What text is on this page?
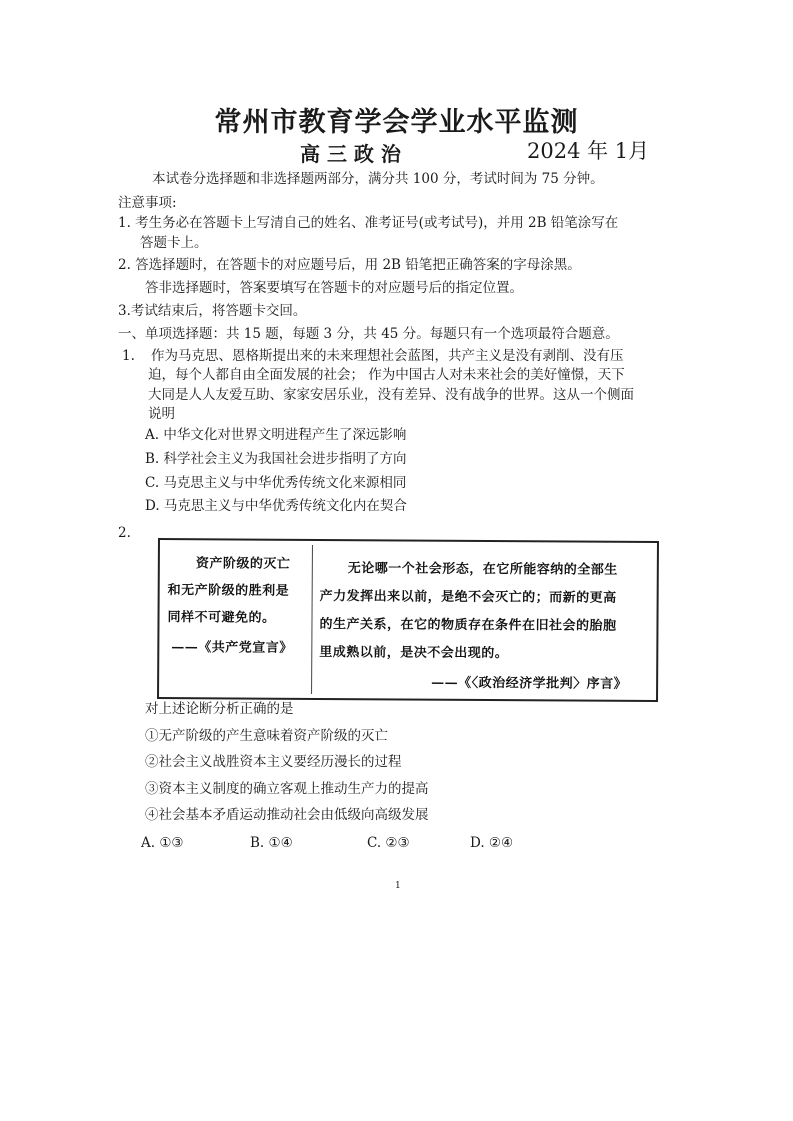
常州市教育学会学业水平监测
高 三 政 治	2024 年 1月
本试卷分选择题和非选择题两部分，满分共 100 分，考试时间为 75 分钟。
注意事项:
1. 考生务必在答题卡上写清自己的姓名、准考证号(或考试号)，并用 2B 铅笔涂写在
答题卡上。
2. 答选择题时，在答题卡的对应题号后，用 2B 铅笔把正确答案的字母涂黑。
答非选择题时，答案要填写在答题卡的对应题号后的指定位置。
3.考试结束后，将答题卡交回。
一、单项选择题：共 15 题，每题 3 分，共 45 分。每题只有一个选项最符合题意。
1. 作为马克思、恩格斯提出来的未来理想社会蓝图，共产主义是没有剥削、没有压
迫，每个人都自由全面发展的社会； 作为中国古人对未来社会的美好憧憬，天下
大同是人人友爱互助、家家安居乐业，没有差异、没有战争的世界。这从一个侧面
说明
A. 中华文化对世界文明进程产生了深远影响
B. 科学社会主义为我国社会进步指明了方向
C. 马克思主义与中华优秀传统文化来源相同
D. 马克思主义与中华优秀传统文化内在契合
2.
资产阶级的灭亡
和无产阶级的胜利是
同样不可避免的。
——《共产党宣言》
无论哪一个社会形态，在它所能容纳的全部生
产力发挥出来以前，是绝不会灭亡的；而新的更高
的生产关系，在它的物质存在条件在旧社会的胎胞
里成熟以前，是决不会出现的。
——《〈政治经济学批判〉序言》
对上述论断分析正确的是
①无产阶级的产生意味着资产阶级的灭亡
②社会主义战胜资本主义要经历漫长的过程
③资本主义制度的确立客观上推动生产力的提高
④社会基本矛盾运动推动社会由低级向高级发展
A. ①③	B. ①④	C. ②③	D. ②④
1
